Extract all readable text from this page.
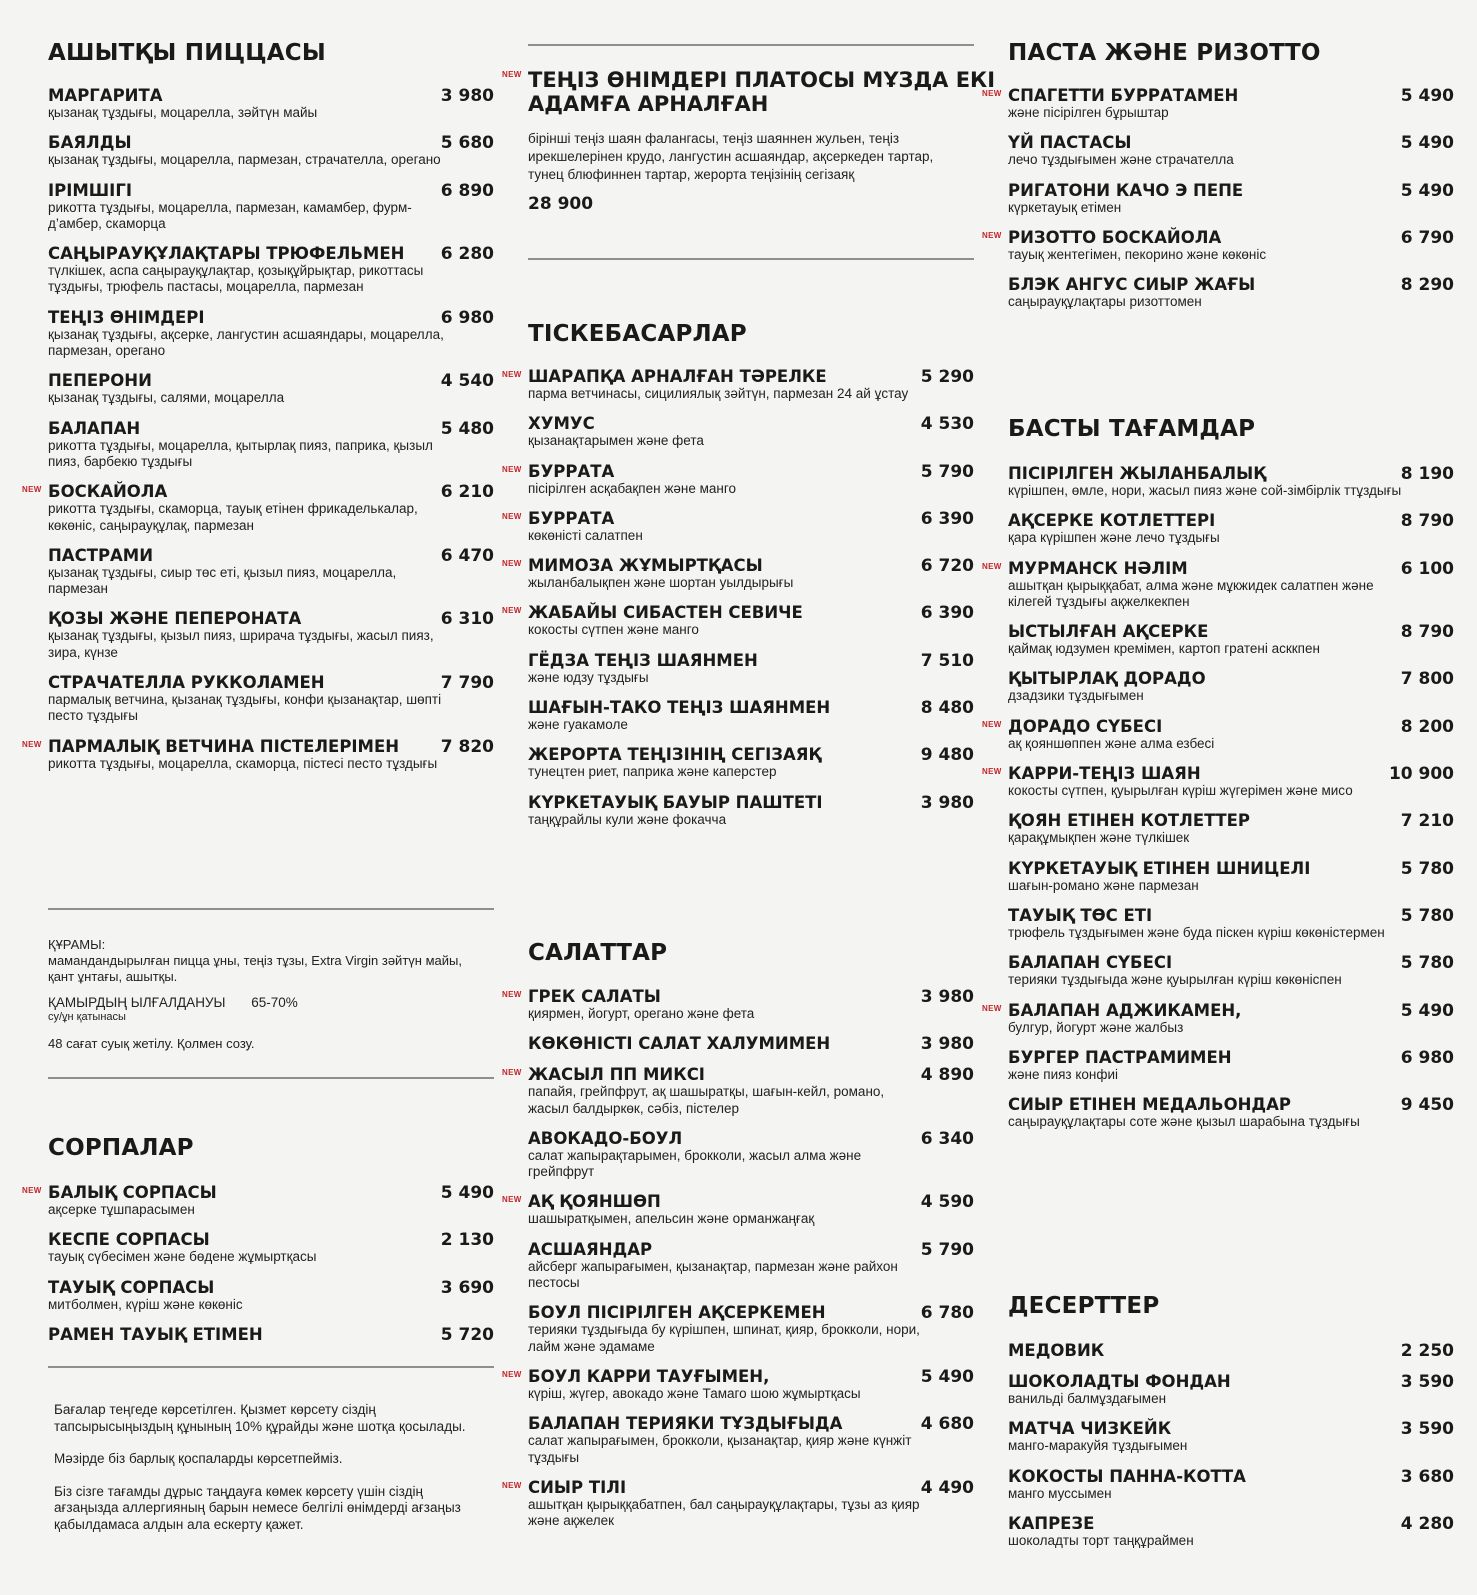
АШЫТҚЫ ПИЦЦАСЫ
МАРГАРИТА	3 980
қызанақ тұздығы, моцарелла, зәйтүн майы
БАЯЛДЫ	5 680
қызанақ тұздығы, моцарелла, пармезан, страчателла, орегано
ІРІМШІГІ	6 890
рикотта тұздығы, моцарелла, пармезан, камамбер, фурм-д’амбер, скаморца
САҢЫРАУҚҰЛАҚТАРЫ ТРЮФЕЛЬМЕН	6 280
түлкішек, аспа саңырауқұлақтар, қозықұйрықтар, рикоттасы тұздығы, трюфель пастасы, моцарелла, пармезан
ТЕҢІЗ ӨНІМДЕРІ	6 980
қызанақ тұздығы, ақсерке, лангустин асшаяндары, моцарелла, пармезан, орегано
ПЕПЕРОНИ	4 540
қызанақ тұздығы, салями, моцарелла
БАЛАПАН	5 480
рикотта тұздығы, моцарелла, қытырлақ пияз, паприка, қызыл пияз, барбекю тұздығы
NEW БОСКАЙОЛА	6 210
рикотта тұздығы, скаморца, тауық етінен фрикаделькалар, көкөніс, саңырауқұлақ, пармезан
ПАСТРАМИ	6 470
қызанақ тұздығы, сиыр төс еті, қызыл пияз, моцарелла, пармезан
ҚОЗЫ ЖӘНЕ ПЕПЕРОНАТА	6 310
қызанақ тұздығы, қызыл пияз, шрирача тұздығы, жасыл пияз, зира, күнзе
СТРАЧАТЕЛЛА РУККОЛАМЕН	7 790
пармалық ветчина, қызанақ тұздығы, конфи қызанақтар, шөпті песто тұздығы
NEW ПАРМАЛЫҚ ВЕТЧИНА ПІСТЕЛЕРІМЕН	7 820
рикотта тұздығы, моцарелла, скаморца, пістесі песто тұздығы
ҚҰРАМЫ:
мамандандырылған пицца ұны, теңіз тұзы, Extra Virgin зәйтүн майы, қант ұнтағы, ашытқы.
ҚАМЫРДЫҢ ЫЛҒАЛДАНУЫ 65-70%
су/ұн қатынасы
48 сағат суық жетілу. Қолмен созу.
СОРПАЛАР
NEW БАЛЫҚ СОРПАСЫ	5 490
ақсерке тұшпарасымен
КЕСПЕ СОРПАСЫ	2 130
тауық сүбесімен және бөдене жұмыртқасы
ТАУЫҚ СОРПАСЫ	3 690
митболмен, күріш және көкөніс
РАМЕН ТАУЫҚ ЕТІМЕН	5 720
Бағалар теңгеде көрсетілген. Қызмет көрсету сіздің тапсырысыңыздың құнының 10% құрайды және шотқа қосылады.
Мәзірде біз барлық қоспаларды көрсетпейміз.
Біз сізге тағамды дұрыс таңдауға көмек көрсету үшін сіздің ағзаңызда аллергияның барын немесе белгілі өнімдерді ағзаңыз қабылдамаса алдын ала ескерту қажет.
NEW ТЕҢІЗ ӨНІМДЕРІ ПЛАТОСЫ МҰЗДА ЕКІ АДАМҒА АРНАЛҒАН
бірінші теңіз шаян фалангасы, теңіз шаяннен жульен, теңіз ирекшелерінен крудо, лангустин асшаяндар, ақсеркеден тартар, тунец блюфиннен тартар, жерорта теңізінің сегізаяқ
28 900
ТІСКЕБАСАРЛАР
NEW ШАРАПҚА АРНАЛҒАН ТӘРЕЛКЕ	5 290
парма ветчинасы, сицилиялық зәйтүн, пармезан 24 ай ұстау
ХУМУС	4 530
қызанақтарымен және фета
NEW БУРРАТА	5 790
пісірілген асқабақпен және манго
NEW БУРРАТА	6 390
көкөністі салатпен
NEW МИМОЗА ЖҰМЫРТҚАСЫ	6 720
жыланбалықпен және шортан уылдырығы
NEW ЖАБАЙЫ СИБАСТЕН СЕВИЧЕ	6 390
кокосты сүтпен және манго
ГЁДЗА ТЕҢІЗ ШАЯНМЕН	7 510
және юдзу тұздығы
ШАҒЫН-ТАКО ТЕҢІЗ ШАЯНМЕН	8 480
және гуакамоле
ЖЕРОРТА ТЕҢІЗІНІҢ СЕГІЗАЯҚ	9 480
тунецтен риет, паприка және каперстер
КҮРКЕТАУЫҚ БАУЫР ПАШТЕТІ	3 980
таңқұрайлы кули және фокачча
САЛАТТАР
NEW ГРЕК САЛАТЫ	3 980
қиярмен, йогурт, орегано және фета
КӨКӨНІСТІ САЛАТ ХАЛУМИМЕН	3 980
NEW ЖАСЫЛ ПП МИКСІ	4 890
папайя, грейпфрут, ақ шашыратқы, шағын-кейл, романо, жасыл балдыркөк, сәбіз, пістелер
АВОКАДО-БОУЛ	6 340
салат жапырақтарымен, брокколи, жасыл алма және грейпфрут
NEW АҚ ҚОЯНШӨП	4 590
шашыратқымен, апельсин және орманжаңғақ
АСШАЯНДАР	5 790
айсберг жапырағымен, қызанақтар, пармезан және райхон пестосы
БОУЛ ПІСІРІЛГЕН АҚСЕРКЕМЕН	6 780
терияки тұздығыда бу күрішпен, шпинат, қияр, брокколи, нори, лайм және эдамаме
NEW БОУЛ КАРРИ ТАУҒЫМЕН,	5 490
күріш, жүгер, авокадо және Тамаго шою жұмыртқасы
БАЛАПАН ТЕРИЯКИ ТҰЗДЫҒЫДА	4 680
салат жапырағымен, брокколи, қызанақтар, қияр және күнжіт тұздығы
NEW СИЫР ТІЛІ	4 490
ашытқан қырыққабатпен, бал саңырауқұлақтары, тұзы аз қияр және ақжелек
ПАСТА ЖӘНЕ РИЗОТТО
NEW СПАГЕТТИ БУРРАТАМЕН	5 490
және пісірілген бұрыштар
ҮЙ ПАСТАСЫ	5 490
лечо тұздығымен және страчателла
РИГАТОНИ КАЧО Э ПЕПЕ	5 490
күркетауық етімен
NEW РИЗОТТО БОСКАЙОЛА	6 790
тауық жентегімен, пекорино және көкөніс
БЛЭК АНГУС СИЫР ЖАҒЫ	8 290
саңырауқұлақтары ризоттомен
БАСТЫ ТАҒАМДАР
ПІСІРІЛГЕН ЖЫЛАНБАЛЫҚ	8 190
күрішпен, өмле, нори, жасыл пияз және сой-зімбірлік ттұздығы
АҚСЕРКЕ КОТЛЕТТЕРІ	8 790
қара күрішпен және лечо тұздығы
NEW МУРМАНСК НӘЛІМ	6 100
ашытқан қырыққабат, алма және мұкжидек салатпен және кілегей тұздығы ақжелкекпен
ЫСТЫЛҒАН АҚСЕРКЕ	8 790
қаймақ юдзумен кремімен, картоп гратені асккпен
ҚЫТЫРЛАҚ ДОРАДО	7 800
дзадзики тұздығымен
NEW ДОРАДО СҮБЕСІ	8 200
ақ қояншөппен және алма езбесі
NEW КАРРИ-ТЕҢІЗ ШАЯН	10 900
кокосты сүтпен, қуырылған күріш жүгерімен және мисо
ҚОЯН ЕТІНЕН КОТЛЕТТЕР	7 210
қарақұмықпен және түлкішек
КҮРКЕТАУЫҚ ЕТІНЕН ШНИЦЕЛІ	5 780
шағын-романо және пармезан
ТАУЫҚ ТӨС ЕТІ	5 780
трюфель тұздығымен және буда піскен күріш көкөністермен
БАЛАПАН СҮБЕСІ	5 780
терияки тұздығыда және қуырылған күріш көкөніспен
NEW БАЛАПАН АДЖИКАМЕН,	5 490
булгур, йогурт және жалбыз
БУРГЕР ПАСТРАМИМЕН	6 980
және пияз конфиі
СИЫР ЕТІНЕН МЕДАЛЬОНДАР	9 450
саңырауқұлақтары соте және қызыл шарабына тұздығы
ДЕСЕРТТЕР
МЕДОВИК	2 250
ШОКОЛАДТЫ ФОНДАН	3 590
ванильді балмұздағымен
МАТЧА ЧИЗКЕЙК	3 590
манго-маракуйя тұздығымен
КОКОСТЫ ПАННА-КОТТА	3 680
манго муссымен
КАПРЕЗЕ	4 280
шоколадты торт таңқұраймен
